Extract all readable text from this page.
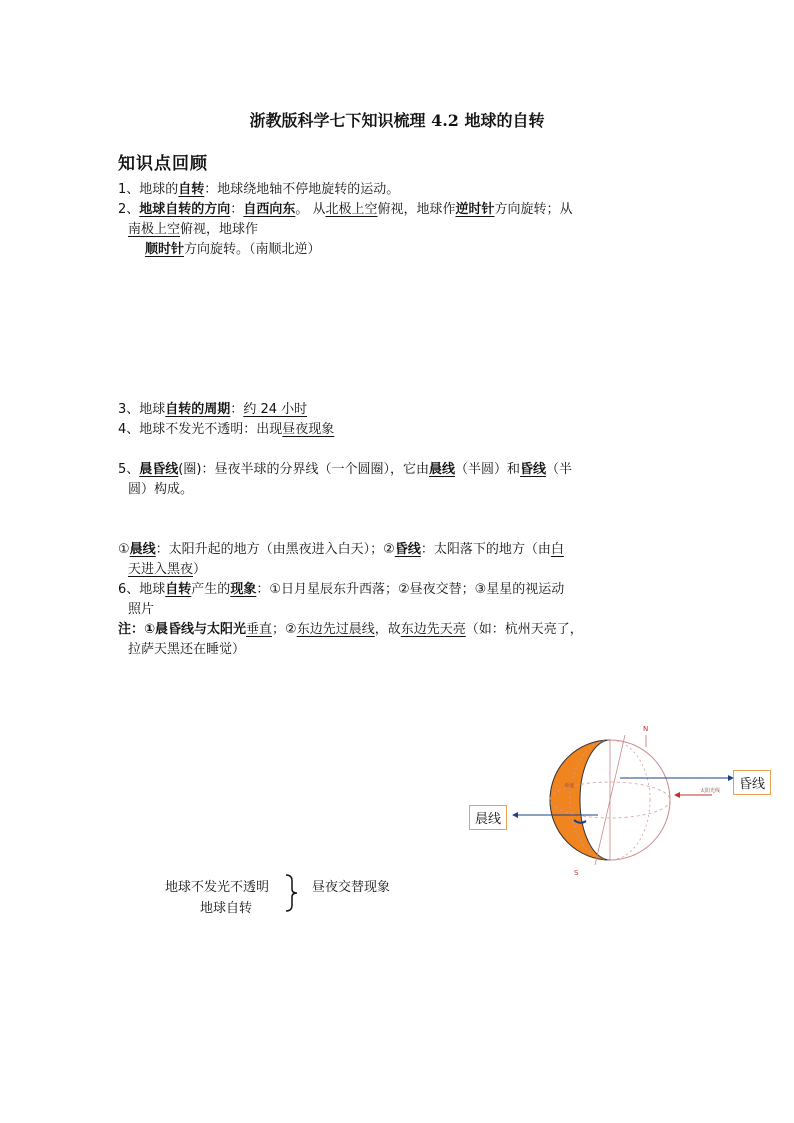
浙教版科学七下知识梳理 4.2 地球的自转
知识点回顾
1、地球的自转：地球绕地轴不停地旋转的运动。
2、地球自转的方向：自西向东。 从北极上空俯视，地球作逆时针方向旋转；从
南极上空俯视，地球作
顺时针方向旋转。（南顺北逆）
3、地球自转的周期：约 24 小时
4、地球不发光不透明：出现昼夜现象
5、晨昏线(圈)：昼夜半球的分界线（一个圆圈），它由晨线（半圆）和昏线（半
圆）构成。
①晨线：太阳升起的地方（由黑夜进入白天）；②昏线：太阳落下的地方（由白
天进入黑夜）
6、地球自转产生的现象：①日月星辰东升西落；②昼夜交替；③星星的视运动
照片
注：①晨昏线与太阳光垂直；②东边先过晨线，故东边先天亮（如：杭州天亮了，
拉萨天黑还在睡觉）
N
S
赤道
太阳光线	昏线
晨线
地球不发光不透明
地球自转
昼夜交替现象
